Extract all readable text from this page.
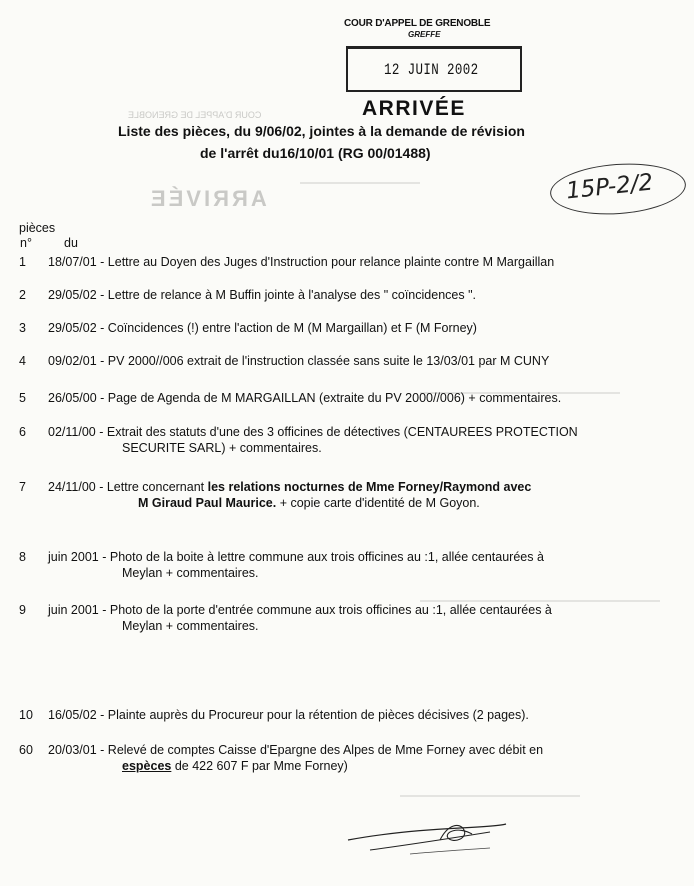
COUR D'APPEL DE GRENOBLE
ARRIVÉE
COUR D'APPEL DE GRENOBLE
GREFFE
12 JUIN 2002
ARRIVÉE
Liste des pièces, du 9/06/02, jointes à la demande de révision
de l'arrêt du16/10/01 (RG 00/01488)
15P-2/2
pièces
n°	du
1 18/07/01 - Lettre au Doyen des Juges d'Instruction pour relance plainte contre M Margaillan
2 29/05/02 - Lettre de relance à M Buffin jointe à l'analyse des " coïncidences ".
3 29/05/02 - Coïncidences (!) entre l'action de M (M Margaillan) et F (M Forney)
4 09/02/01 - PV 2000//006 extrait de l'instruction classée sans suite le 13/03/01 par M CUNY
5 26/05/00 - Page de Agenda de M MARGAILLAN (extraite du PV 2000//006) + commentaires.
6 02/11/00 - Extrait des statuts d'une des 3 officines de détectives (CENTAUREES PROTECTION
SECURITE SARL) + commentaires.
7 24/11/00 - Lettre concernant les relations nocturnes de Mme Forney/Raymond avec
M Giraud Paul Maurice. + copie carte d'identité de M Goyon.
8 juin 2001 - Photo de la boite à lettre commune aux trois officines au :1, allée centaurées à
Meylan + commentaires.
9 juin 2001 - Photo de la porte d'entrée commune aux trois officines au :1, allée centaurées à
Meylan + commentaires.
10 16/05/02 - Plainte auprès du Procureur pour la rétention de pièces décisives (2 pages).
60 20/03/01 - Relevé de comptes Caisse d'Epargne des Alpes de Mme Forney avec débit en
espèces de 422 607 F par Mme Forney)
